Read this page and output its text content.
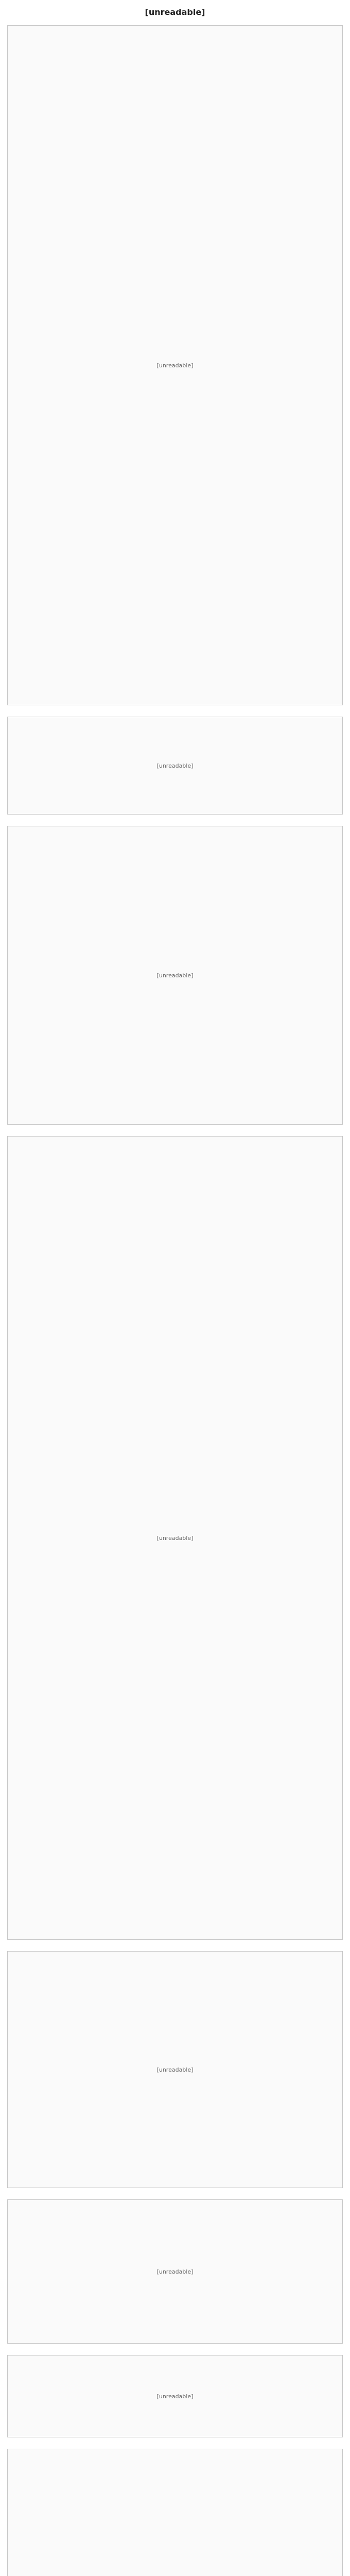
[unreadable]
[unreadable]
[unreadable]
[unreadable]
[unreadable]
[unreadable]
[unreadable]
[unreadable]
